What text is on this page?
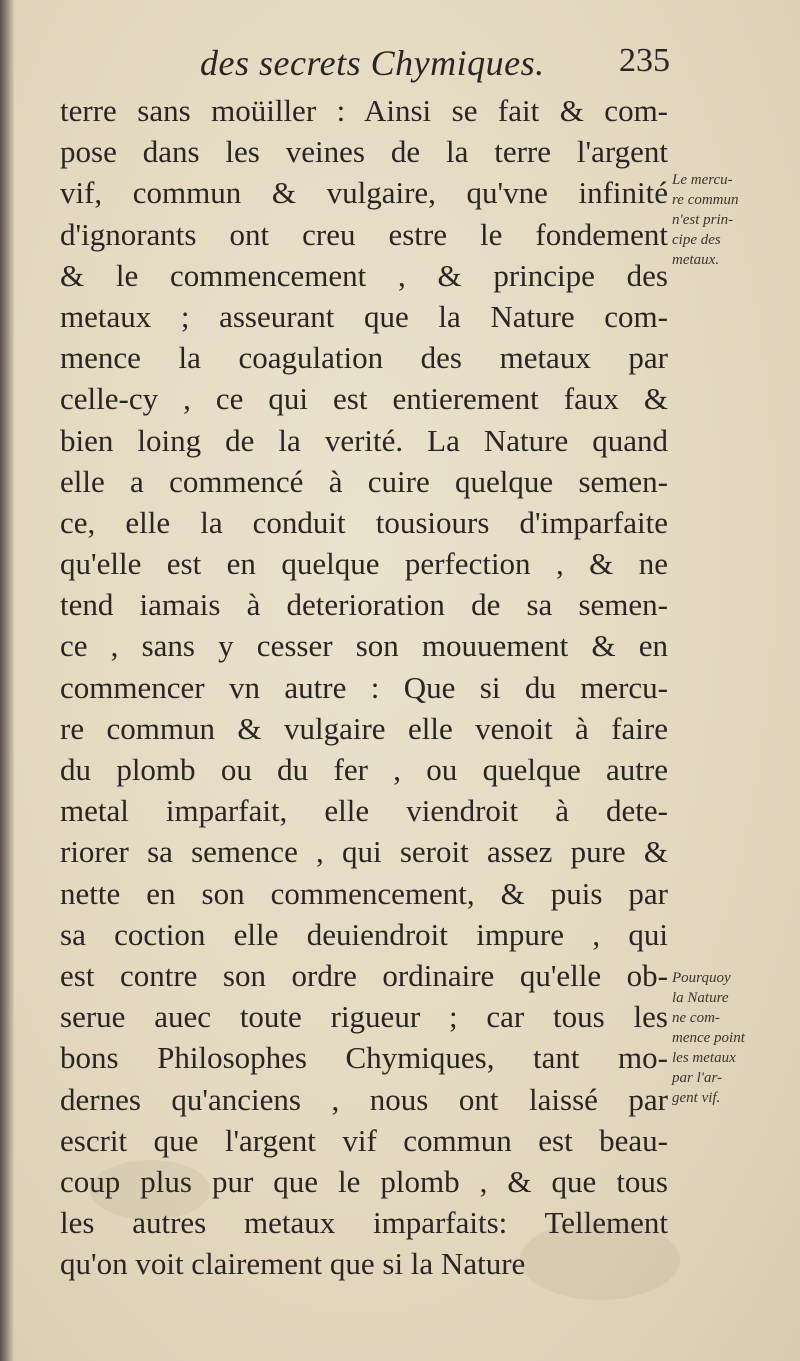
des secrets Chymiques. 235
terre sans moüiller : Ainsi se fait & com-
pose dans les veines de la terre l'argent
vif, commun & vulgaire, qu'vne infinité
d'ignorants ont creu estre le fondement
& le commencement , & principe des
metaux ; asseurant que la Nature com-
mence la coagulation des metaux par
celle-cy , ce qui est entierement faux &
bien loing de la verité. La Nature quand
elle a commencé à cuire quelque semen-
ce, elle la conduit tousiours d'imparfaite
qu'elle est en quelque perfection , & ne
tend iamais à deterioration de sa semen-
ce , sans y cesser son mouuement & en
commencer vn autre : Que si du mercu-
re commun & vulgaire elle venoit à faire
du plomb ou du fer , ou quelque autre
metal imparfait, elle viendroit à dete-
riorer sa semence , qui seroit assez pure &
nette en son commencement, & puis par
sa coction elle deuiendroit impure , qui
est contre son ordre ordinaire qu'elle ob-
serue auec toute rigueur ; car tous les
bons Philosophes Chymiques, tant mo-
dernes qu'anciens , nous ont laissé par
escrit que l'argent vif commun est beau-
coup plus pur que le plomb , & que tous
les autres metaux imparfaits: Tellement
qu'on voit clairement que si la Nature
Le mercu-
re commun
n'est prin-
cipe des
metaux.
Pourquoy
la Nature
ne com-
mence point
les metaux
par l'ar-
gent vif.
